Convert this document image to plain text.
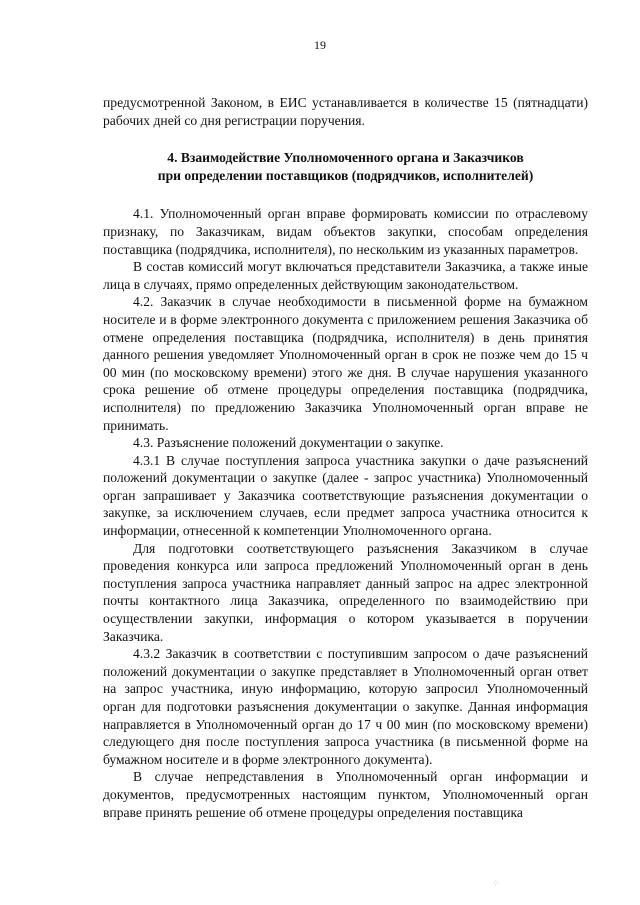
19

предусмотренной Законом, в ЕИС устанавливается в количестве 15 (пятнадцати) рабочих дней со дня регистрации поручения.

4. Взаимодействие Уполномоченного органа и Заказчиков
при определении поставщиков (подрядчиков, исполнителей)

4.1. Уполномоченный орган вправе формировать комиссии по отраслевому признаку, по Заказчикам, видам объектов закупки, способам определения поставщика (подрядчика, исполнителя), по нескольким из указанных параметров.

В состав комиссий могут включаться представители Заказчика, а также иные лица в случаях, прямо определенных действующим законодательством.

4.2. Заказчик в случае необходимости в письменной форме на бумажном носителе и в форме электронного документа с приложением решения Заказчика об отмене определения поставщика (подрядчика, исполнителя) в день принятия данного решения уведомляет Уполномоченный орган в срок не позже чем до 15 ч 00 мин (по московскому времени) этого же дня. В случае нарушения указанного срока решение об отмене процедуры определения поставщика (подрядчика, исполнителя) по предложению Заказчика Уполномоченный орган вправе не принимать.

4.3. Разъяснение положений документации о закупке.

4.3.1 В случае поступления запроса участника закупки о даче разъяснений положений документации о закупке (далее - запрос участника) Уполномоченный орган запрашивает у Заказчика соответствующие разъяснения документации о закупке, за исключением случаев, если предмет запроса участника относится к информации, отнесенной к компетенции Уполномоченного органа.

Для подготовки соответствующего разъяснения Заказчиком в случае проведения конкурса или запроса предложений Уполномоченный орган в день поступления запроса участника направляет данный запрос на адрес электронной почты контактного лица Заказчика, определенного по взаимодействию при осуществлении закупки, информация о котором указывается в поручении Заказчика.

4.3.2 Заказчик в соответствии с поступившим запросом о даче разъяснений положений документации о закупке представляет в Уполномоченный орган ответ на запрос участника, иную информацию, которую запросил Уполномоченный орган для подготовки разъяснения документации о закупке. Данная информация направляется в Уполномоченный орган до 17 ч 00 мин (по московскому времени) следующего дня после поступления запроса участника (в письменной форме на бумажном носителе и в форме электронного документа).

В случае непредставления в Уполномоченный орган информации и документов, предусмотренных настоящим пунктом, Уполномоченный орган вправе принять решение об отмене процедуры определения поставщика

⁘
